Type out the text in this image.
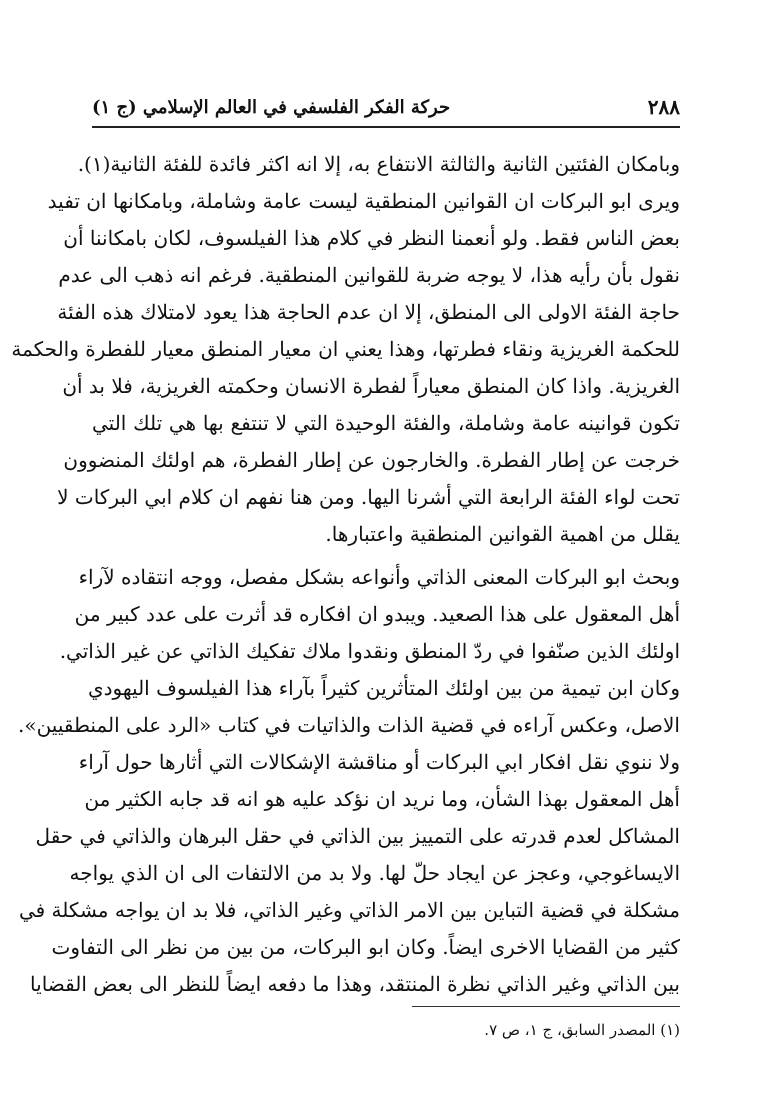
٢٨٨
حركة الفكر الفلسفي في العالم الإسلامي (ج ١)
وبامكان الفئتين الثانية والثالثة الانتفاع به، إلا انه اكثر فائدة للفئة الثانية(١).
ويرى ابو البركات ان القوانين المنطقية ليست عامة وشاملة، وبامكانها ان تفيد
بعض الناس فقط. ولو أنعمنا النظر في كلام هذا الفيلسوف، لكان بامكاننا أن
نقول بأن رأيه هذا، لا يوجه ضربة للقوانين المنطقية. فرغم انه ذهب الى عدم
حاجة الفئة الاولى الى المنطق، إلا ان عدم الحاجة هذا يعود لامتلاك هذه الفئة
للحكمة الغريزية ونقاء فطرتها، وهذا يعني ان معيار المنطق معيار للفطرة والحكمة
الغريزية. واذا كان المنطق معياراً لفطرة الانسان وحكمته الغريزية، فلا بد أن
تكون قوانينه عامة وشاملة، والفئة الوحيدة التي لا تنتفع بها هي تلك التي
خرجت عن إطار الفطرة. والخارجون عن إطار الفطرة، هم اولئك المنضوون
تحت لواء الفئة الرابعة التي أشرنا اليها. ومن هنا نفهم ان كلام ابي البركات لا
يقلل من اهمية القوانين المنطقية واعتبارها.
وبحث ابو البركات المعنى الذاتي وأنواعه بشكل مفصل، ووجه انتقاده لآراء
أهل المعقول على هذا الصعيد. ويبدو ان افكاره قد أثرت على عدد كبير من
اولئك الذين صنّفوا في ردّ المنطق ونقدوا ملاك تفكيك الذاتي عن غير الذاتي.
وكان ابن تيمية من بين اولئك المتأثرين كثيراً بآراء هذا الفيلسوف اليهودي
الاصل، وعكس آراءه في قضية الذات والذاتيات في كتاب «الرد على المنطقيين».
ولا ننوي نقل افكار ابي البركات أو مناقشة الإشكالات التي أثارها حول آراء
أهل المعقول بهذا الشأن، وما نريد ان نؤكد عليه هو انه قد جابه الكثير من
المشاكل لعدم قدرته على التمييز بين الذاتي في حقل البرهان والذاتي في حقل
الايساغوجي، وعجز عن ايجاد حلّ لها. ولا بد من الالتفات الى ان الذي يواجه
مشكلة في قضية التباين بين الامر الذاتي وغير الذاتي، فلا بد ان يواجه مشكلة في
كثير من القضايا الاخرى ايضاً. وكان ابو البركات، من بين من نظر الى التفاوت
بين الذاتي وغير الذاتي نظرة المنتقد، وهذا ما دفعه ايضاً للنظر الى بعض القضايا
(١) المصدر السابق، ج ١، ص ٧.
